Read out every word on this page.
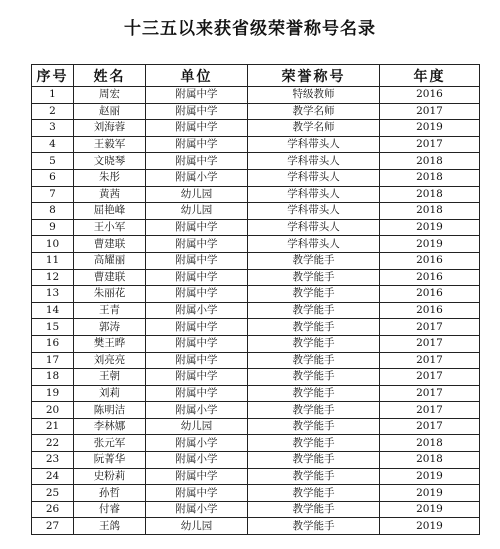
十三五以来获省级荣誉称号名录
序号	姓名	单位	荣誉称号	年度
1	周宏	附属中学	特级教师	2016
2	赵丽	附属中学	教学名师	2017
3	刘海蓉	附属中学	教学名师	2019
4	王毅军	附属中学	学科带头人	2017
5	文晓琴	附属中学	学科带头人	2018
6	朱彤	附属小学	学科带头人	2018
7	黄茜	幼儿园	学科带头人	2018
8	屈艳峰	幼儿园	学科带头人	2018
9	王小军	附属中学	学科带头人	2019
10	曹建联	附属中学	学科带头人	2019
11	高耀丽	附属中学	教学能手	2016
12	曹建联	附属中学	教学能手	2016
13	朱丽花	附属中学	教学能手	2016
14	王青	附属小学	教学能手	2016
15	郭涛	附属中学	教学能手	2017
16	樊王晔	附属中学	教学能手	2017
17	刘亮亮	附属中学	教学能手	2017
18	王朝	附属中学	教学能手	2017
19	刘莉	附属中学	教学能手	2017
20	陈明洁	附属小学	教学能手	2017
21	李林娜	幼儿园	教学能手	2017
22	张元军	附属小学	教学能手	2018
23	阮菁华	附属小学	教学能手	2018
24	史粉莉	附属中学	教学能手	2019
25	孙哲	附属中学	教学能手	2019
26	付睿	附属小学	教学能手	2019
27	王鸽	幼儿园	教学能手	2019
